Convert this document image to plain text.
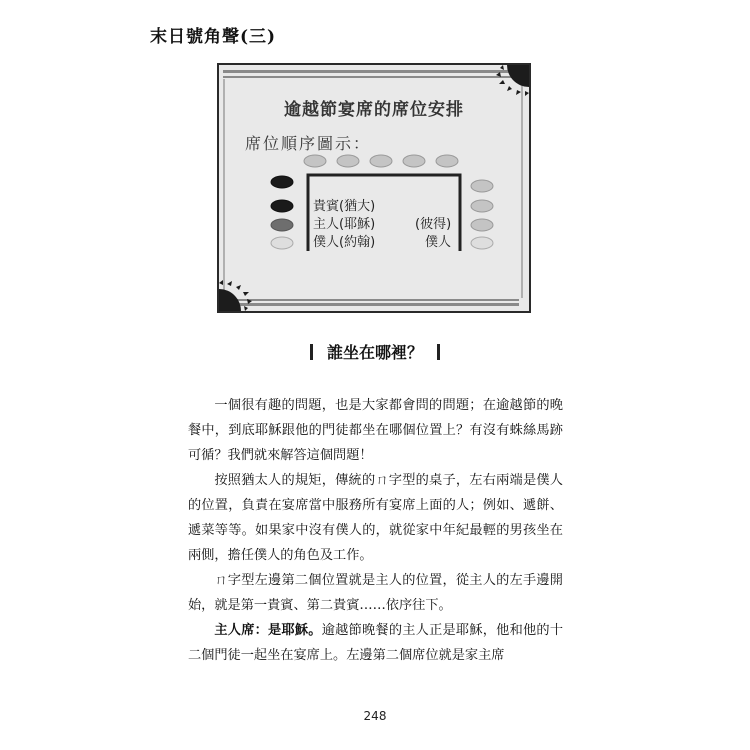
末日號角聲(三)
逾越節宴席的席位安排
席位順序圖示：
貴賓(猶大)
主人(耶穌)
僕人(約翰)
(彼得)
僕人
誰坐在哪裡？

一個很有趣的問題，也是大家都會問的問題；在逾越節的晚餐中，到底耶穌跟他的門徒都坐在哪個位置上？有沒有蛛絲馬跡可循？我們就來解答這個問題！

按照猶太人的規矩，傳統的ㄇ字型的桌子，左右兩端是僕人的位置，負責在宴席當中服務所有宴席上面的人；例如、遞餅、遞菜等等。如果家中沒有僕人的，就從家中年紀最輕的男孩坐在兩側，擔任僕人的角色及工作。

ㄇ字型左邊第二個位置就是主人的位置，從主人的左手邊開始，就是第一貴賓、第二貴賓……依序往下。

主人席：是耶穌。逾越節晚餐的主人正是耶穌，他和他的十二個門徒一起坐在宴席上。左邊第二個席位就是家主席

248
